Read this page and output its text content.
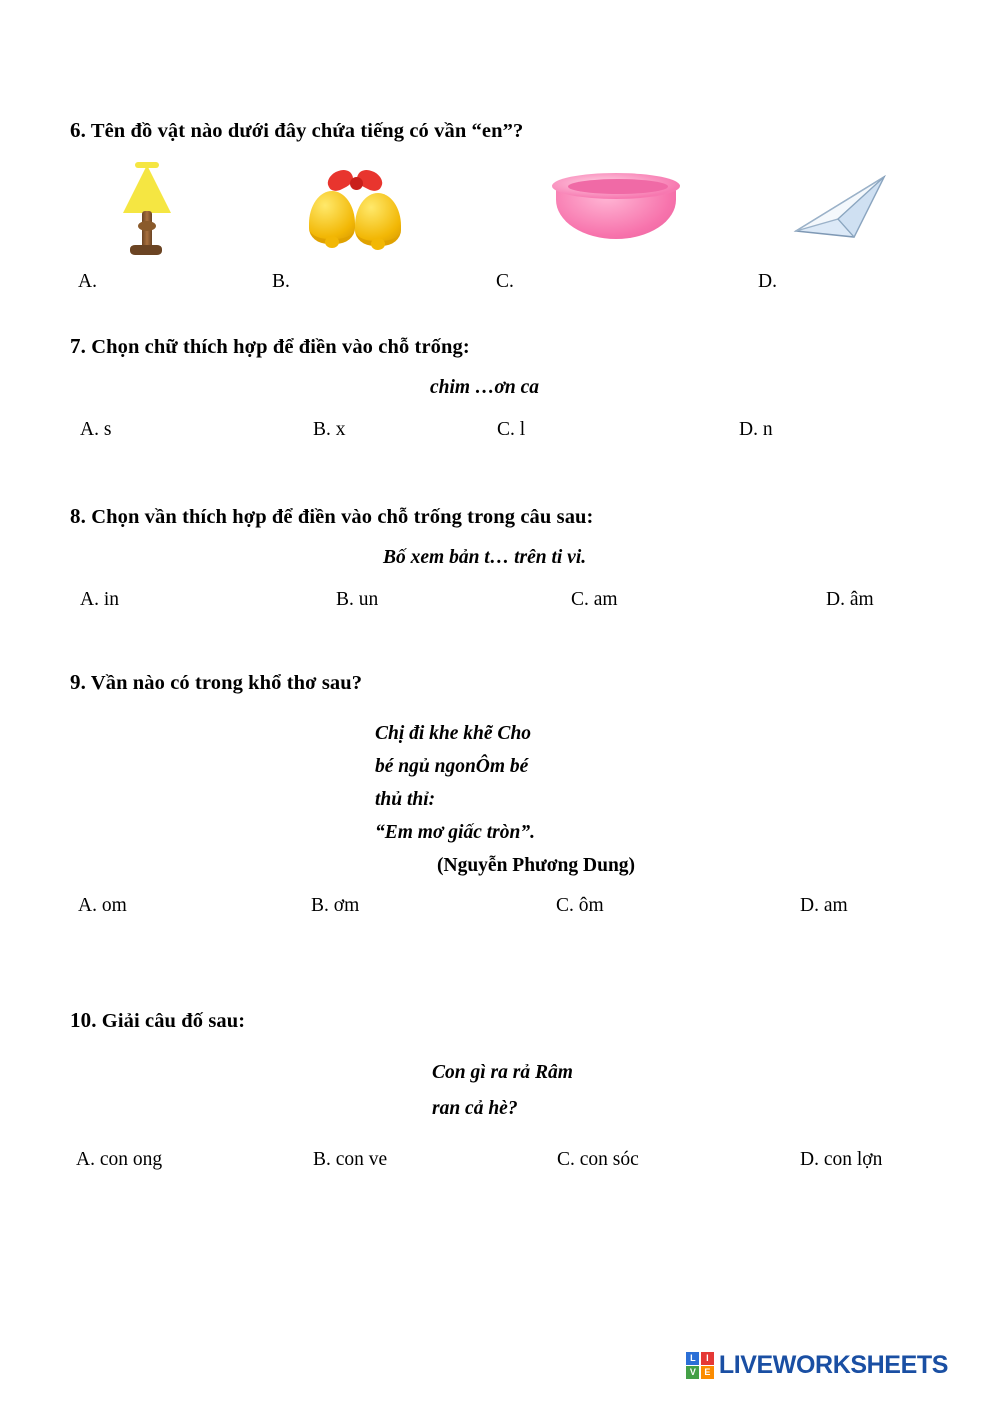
6. Tên đồ vật nào dưới đây chứa tiếng có vần “en”?
A.	B.	C.	D.
7. Chọn chữ thích hợp để điền vào chỗ trống:
chim …ơn ca
A. s	B. x	C. l	D. n
8. Chọn vần thích hợp để điền vào chỗ trống trong câu sau:
Bố xem bản t… trên ti vi.
A. in	B. un	C. am	D. âm
9. Vần nào có trong khổ thơ sau?
Chị đi khe khẽ Cho
bé ngủ ngonÔm bé
thủ thỉ:
“Em mơ giấc tròn”.
(Nguyễn Phương Dung)
A. om	B. ơm	C. ôm	D. am
10. Giải câu đố sau:
Con gì ra rả Râm
ran cả hè?
A. con ong	B. con ve	C. con sóc	D. con lợn
L	I
V E LIVEWORKSHEETS
